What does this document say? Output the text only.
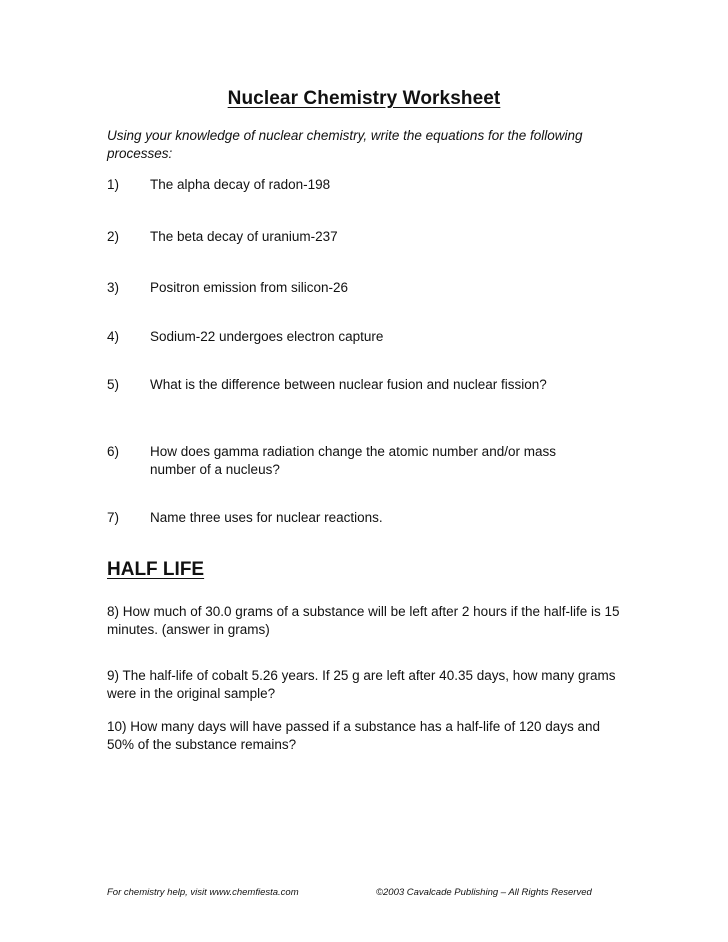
Nuclear Chemistry Worksheet
Using your knowledge of nuclear chemistry, write the equations for the following processes:
1) The alpha decay of radon-198
2) The beta decay of uranium-237
3) Positron emission from silicon-26
4) Sodium-22 undergoes electron capture
5) What is the difference between nuclear fusion and nuclear fission?
6) How does gamma radiation change the atomic number and/or mass number of a nucleus?
7) Name three uses for nuclear reactions.
HALF LIFE
8) How much of 30.0 grams of a substance will be left after 2 hours if the half-life is 15 minutes. (answer in grams)
9) The half-life of cobalt 5.26 years. If 25 g are left after 40.35 days, how many grams were in the original sample?
10) How many days will have passed if a substance has a half-life of 120 days and 50% of the substance remains?
For chemistry help, visit www.chemfiesta.com	©2003 Cavalcade Publishing – All Rights Reserved
